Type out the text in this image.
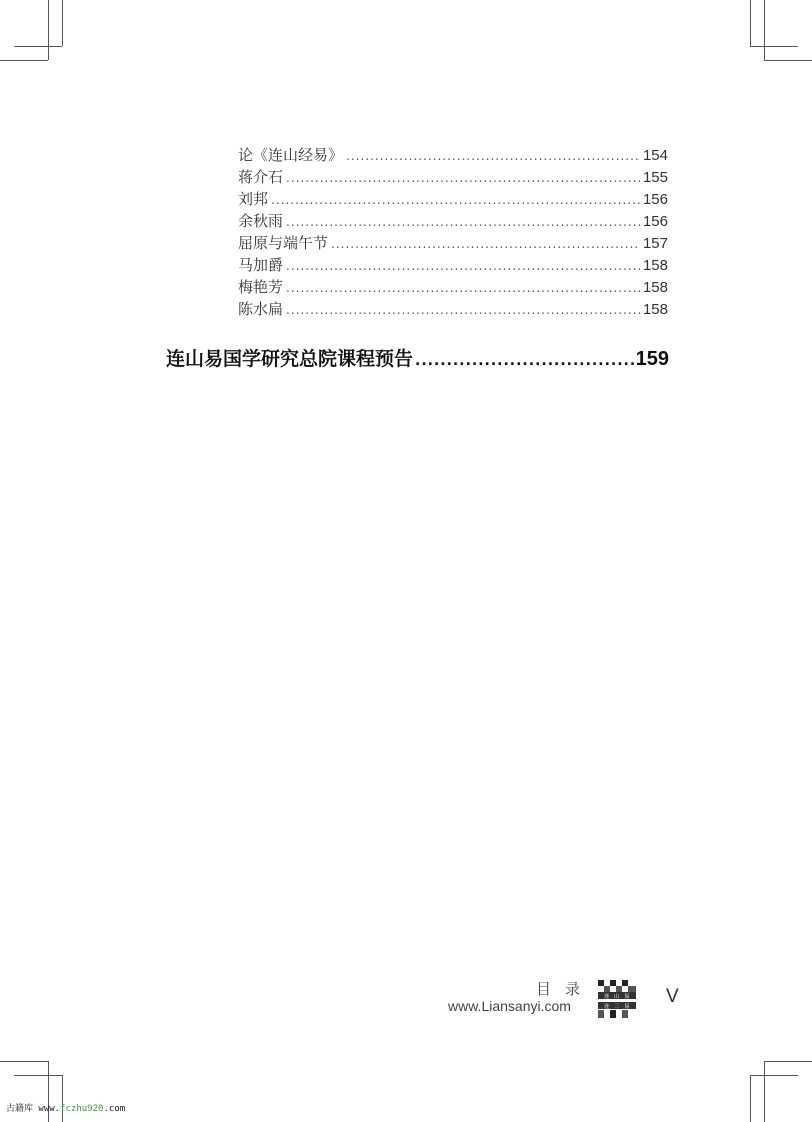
论《连山经易》 .....	154
蒋介石 .....	155
刘邦 .....	156
余秋雨 .....	156
屈原与端午节 .....	157
马加爵 .....	158
梅艳芳 .....	158
陈水扁 .....	158
连山易国学研究总院课程预告 .....	159
目录
www.Liansanyi.com
连 山 易
连 三 易 V
古籍库 www.fczhu920.com
